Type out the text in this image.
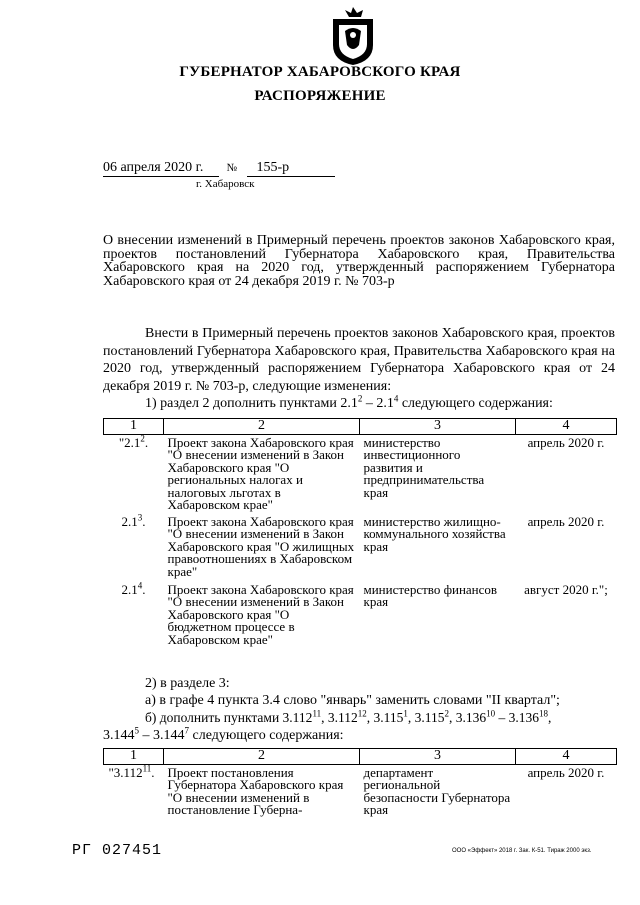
ГУБЕРНАТОР ХАБАРОВСКОГО КРАЯ
РАСПОРЯЖЕНИЕ
06 апреля 2020 г. № 155-р
г. Хабаровск
О внесении изменений в Примерный перечень проектов законов Хабаровского края, проектов постановлений Губернатора Хабаровского края, Правительства Хабаровского края на 2020 год, утвержденный распоряжением Губернатора Хабаровского края от 24 декабря 2019 г. № 703-р
Внести в Примерный перечень проектов законов Хабаровского края, проектов постановлений Губернатора Хабаровского края, Правительства Хабаровского края на 2020 год, утвержденный распоряжением Губернатора Хабаровского края от 24 декабря 2019 г. № 703-р, следующие изменения:
1) раздел 2 дополнить пунктами $2.1^2 - 2.1^4$ следующего содержания:
1	2	3	4
"$2.1^2$.	Проект закона Хабаровского края "О внесении изменений в Закон Хабаровского края "О региональных налогах и налоговых льготах в Хабаровском крае"	министерство инвестиционного развития и предпринимательства края	апрель 2020 г.
$2.1^3$.	Проект закона Хабаровского края "О внесении изменений в Закон Хабаровского края "О жилищных правоотношениях в Хабаровском крае"	министерство жилищно-коммунального хозяйства края	апрель 2020 г.
$2.1^4$.	Проект закона Хабаровского края "О внесении изменений в Закон Хабаровского края "О бюджетном процессе в Хабаровском крае"	министерство финансов края	август 2020 г.";
2) в разделе 3:
а) в графе 4 пункта 3.4 слово "январь" заменить словами "II квартал";
б) дополнить пунктами 3.112$^{11}$, 3.112$^{12}$, 3.115$^1$, 3.115$^2$, 3.136$^{10}$ – 3.136$^{18}$,
3.144$^5$ – 3.144$^7$ следующего содержания:
1	2	3	4
"3.112$^{11}$.	Проект постановления Губернатора Хабаровского края "О внесении изменений в постановление Губерна-	департамент региональной безопасности Губернатора края	апрель 2020 г.
РГ 027451	ООО «Эффект» 2018 г. Зак. К-51. Тираж 2000 экз.
